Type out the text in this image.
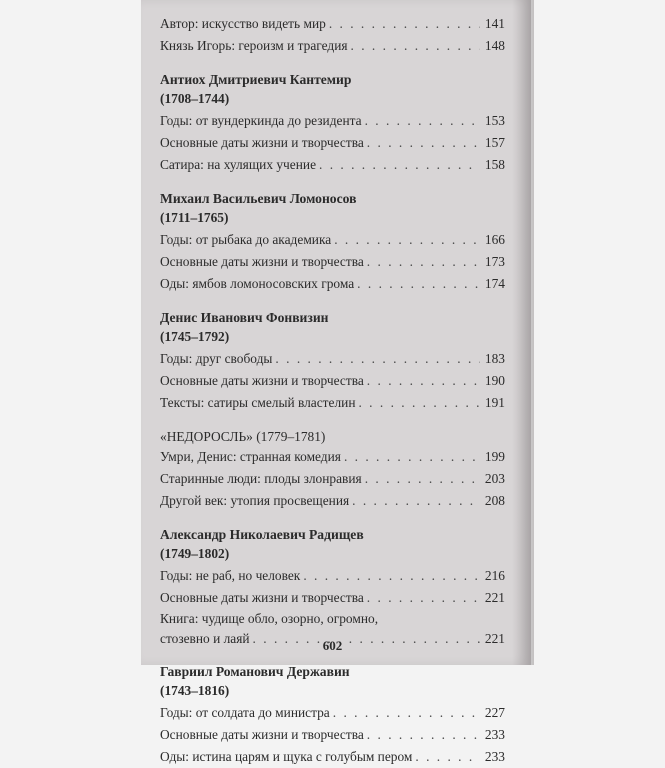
Автор: искусство видеть мир . . .	141
Князь Игорь: героизм и трагедия . . .	148
Антиох Дмитриевич Кантемир
(1708–1744)
Годы: от вундеркинда до резидента . . .	153
Основные даты жизни и творчества . . .	157
Сатира: на хулящих учение . . .	158
Михаил Васильевич Ломоносов
(1711–1765)
Годы: от рыбака до академика . . .	166
Основные даты жизни и творчества . . .	173
Оды: ямбов ломоносовских грома . . .	174
Денис Иванович Фонвизин
(1745–1792)
Годы: друг свободы . . .	183
Основные даты жизни и творчества . . .	190
Тексты: сатиры смелый властелин . . .	191
«НЕДОРОСЛЬ» (1779–1781)
Умри, Денис: странная комедия . . .	199
Старинные люди: плоды злонравия . . .	203
Другой век: утопия просвещения . . .	208
Александр Николаевич Радищев
(1749–1802)
Годы: не раб, но человек . . .	216
Основные даты жизни и творчества . . .	221
Книга: чудище обло, озорно, огромно,
стозевно и лаяй . . .	221
Гавриил Романович Державин
(1743–1816)
Годы: от солдата до министра . . .	227
Основные даты жизни и творчества . . .	233
Оды: истина царям и щука с голубым пером . . .	233
602
